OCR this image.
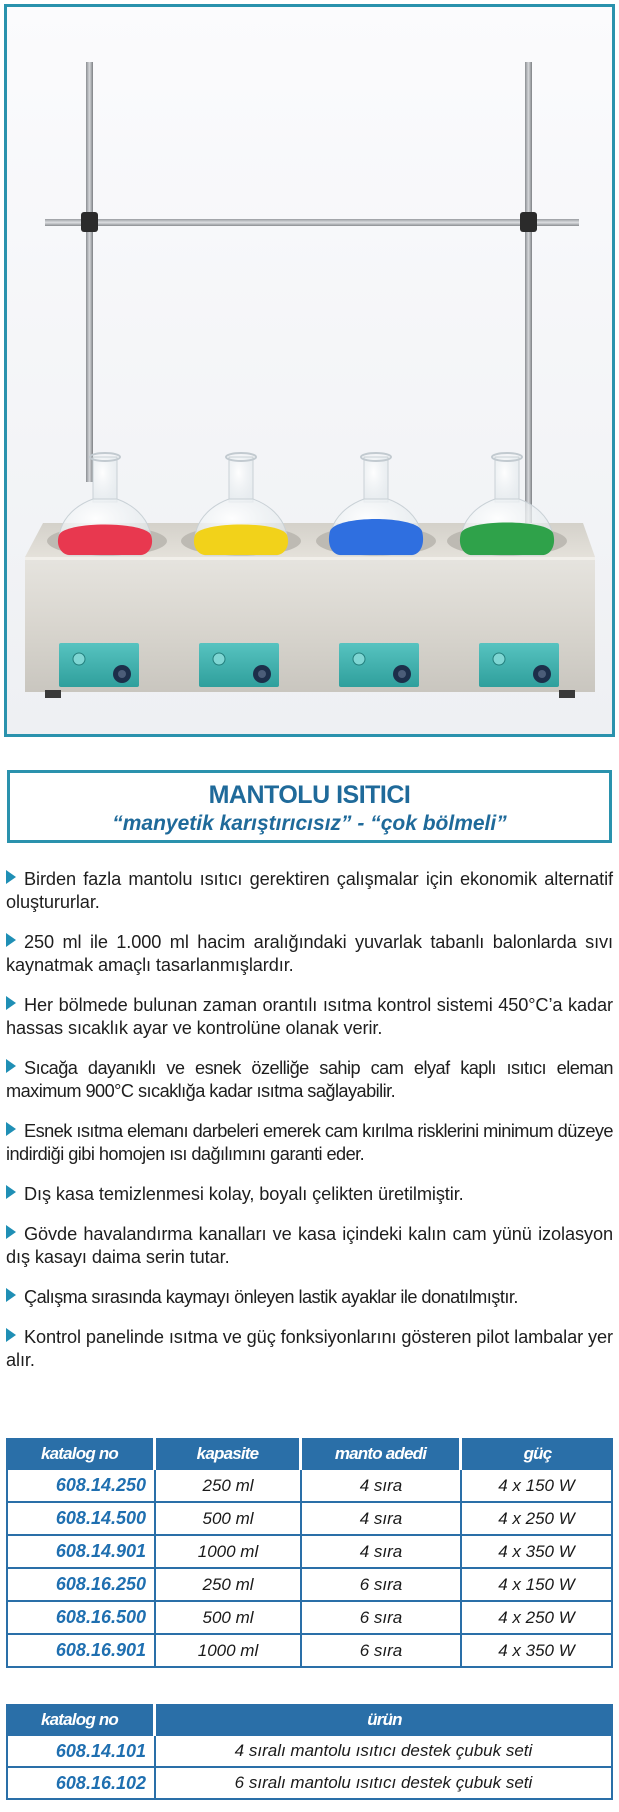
MANTOLU ISITICI
“manyetik karıştırıcısız” - “çok bölmeli”
Birden fazla mantolu ısıtıcı gerektiren çalışmalar için ekonomik alternatif oluştururlar.
250 ml ile 1.000 ml hacim aralığındaki yuvarlak tabanlı balonlarda sıvı kaynatmak amaçlı tasarlanmışlardır.
Her bölmede bulunan zaman orantılı ısıtma kontrol sistemi 450°C’a kadar hassas sıcaklık ayar ve kontrolüne olanak verir.
Sıcağa dayanıklı ve esnek özelliğe sahip cam elyaf kaplı ısıtıcı eleman maximum 900°C sıcaklığa kadar ısıtma sağlayabilir.
Esnek ısıtma elemanı darbeleri emerek cam kırılma risklerini minimum düzeye indirdiği gibi homojen ısı dağılımını garanti eder.
Dış kasa temizlenmesi kolay, boyalı çelikten üretilmiştir.
Gövde havalandırma kanalları ve kasa içindeki kalın cam yünü izolasyon dış kasayı daima serin tutar.
Çalışma sırasında kaymayı önleyen lastik ayaklar ile donatılmıştır.
Kontrol panelinde ısıtma ve güç fonksiyonlarını gösteren pilot lambalar yer alır.
katalog no	kapasite	manto adedi	güç
608.14.250	250 ml	4 sıra	4 x 150 W
608.14.500	500 ml	4 sıra	4 x 250 W
608.14.901	1000 ml	4 sıra	4 x 350 W
608.16.250	250 ml	6 sıra	4 x 150 W
608.16.500	500 ml	6 sıra	4 x 250 W
608.16.901	1000 ml	6 sıra	4 x 350 W
katalog no	ürün
608.14.101	4 sıralı mantolu ısıtıcı destek çubuk seti
608.16.102	6 sıralı mantolu ısıtıcı destek çubuk seti
